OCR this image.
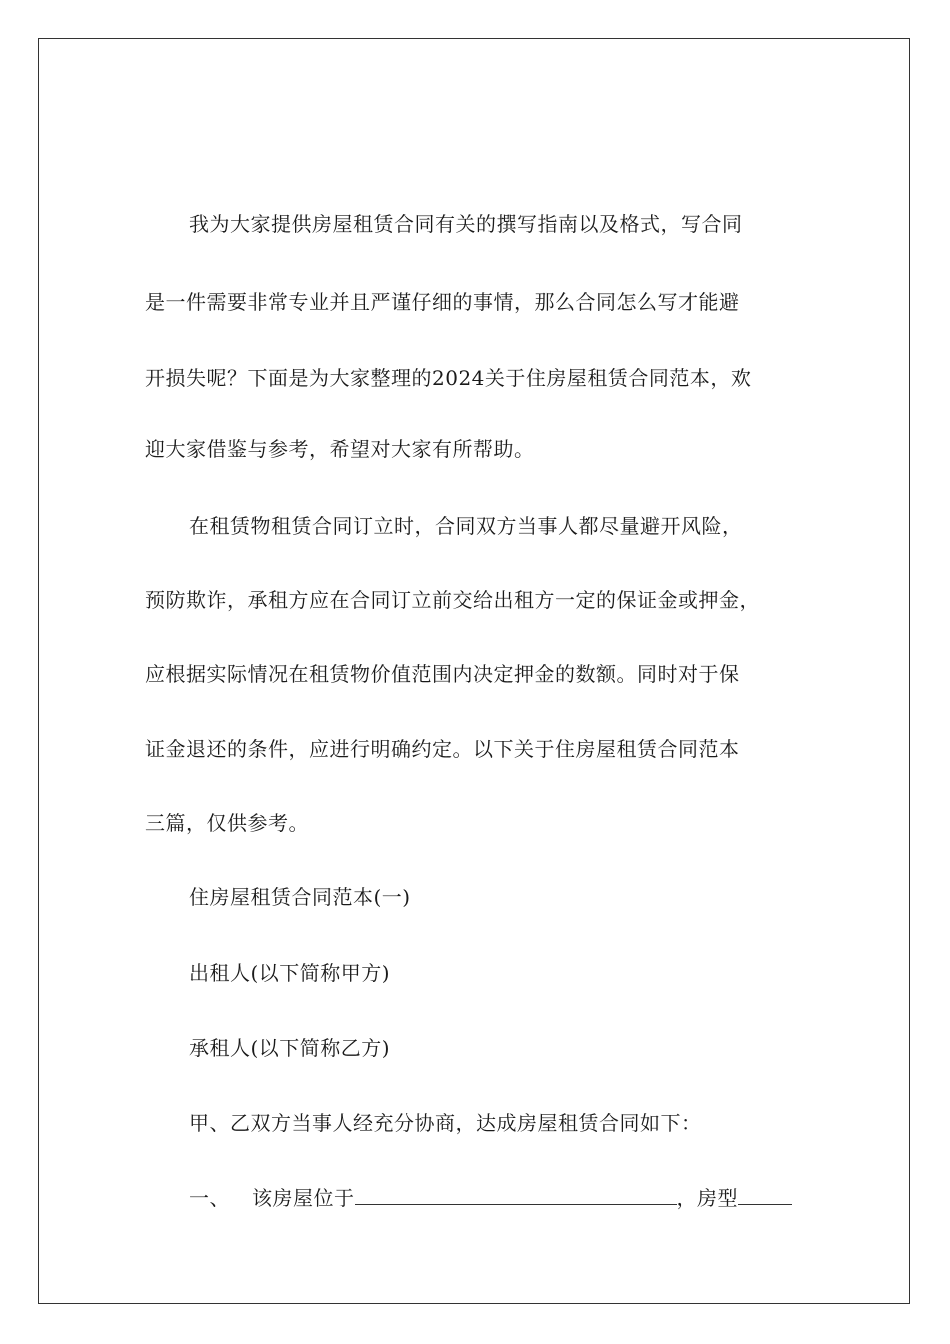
我为大家提供房屋租赁合同有关的撰写指南以及格式，写合同
是一件需要非常专业并且严谨仔细的事情，那么合同怎么写才能避
开损失呢？下面是为大家整理的2024关于住房屋租赁合同范本，欢
迎大家借鉴与参考，希望对大家有所帮助。
在租赁物租赁合同订立时，合同双方当事人都尽量避开风险，
预防欺诈，承租方应在合同订立前交给出租方一定的保证金或押金，
应根据实际情况在租赁物价值范围内决定押金的数额。同时对于保
证金退还的条件，应进行明确约定。以下关于住房屋租赁合同范本
三篇，仅供参考。
住房屋租赁合同范本(一)
出租人(以下简称甲方)
承租人(以下简称乙方)
甲、乙双方当事人经充分协商，达成房屋租赁合同如下：
一、 该房屋位于	，房型
